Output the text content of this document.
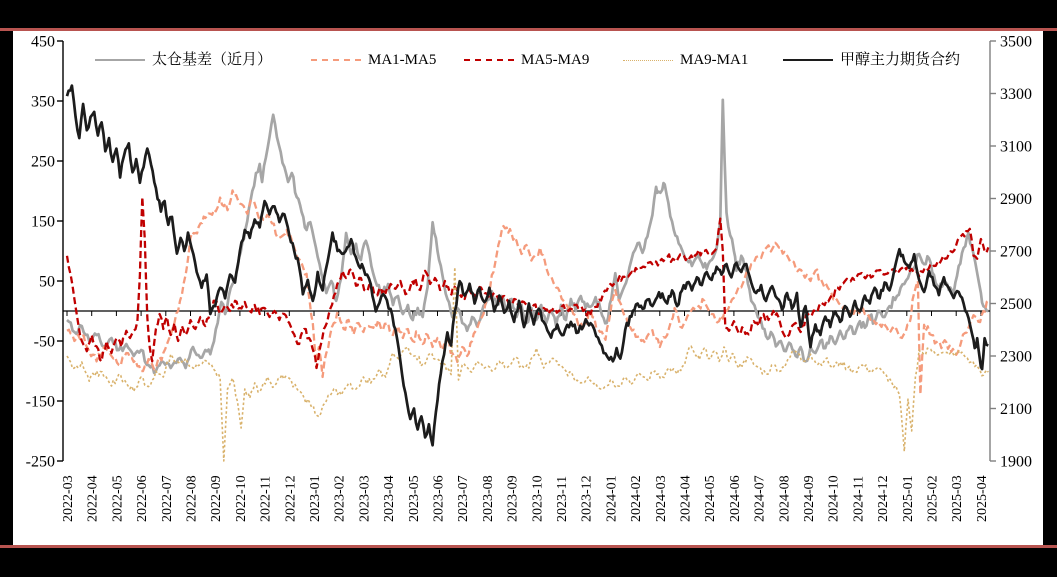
450
350
250
150
50
-50
-150
-250
3500
3300
3100
2900
2700
2500
2300
2100
1900
2022-03 2022-04 2022-05 2022-06 2022-07 2022-08 2022-09 2022-10 2022-11 2022-12 2023-01 2023-02 2023-03 2023-04 2023-05 2023-06 2023-07 2023-08 2023-09 2023-10 2023-11 2023-12 2024-01 2024-02 2024-03 2024-04 2024-05 2024-06 2024-07 2024-08 2024-09 2024-10 2024-11 2024-12 2025-01 2025-02 2025-03 2025-04
太仓基差（近月）	MA1-MA5	MA5-MA9	MA9-MA1	甲醇主力期货合约
